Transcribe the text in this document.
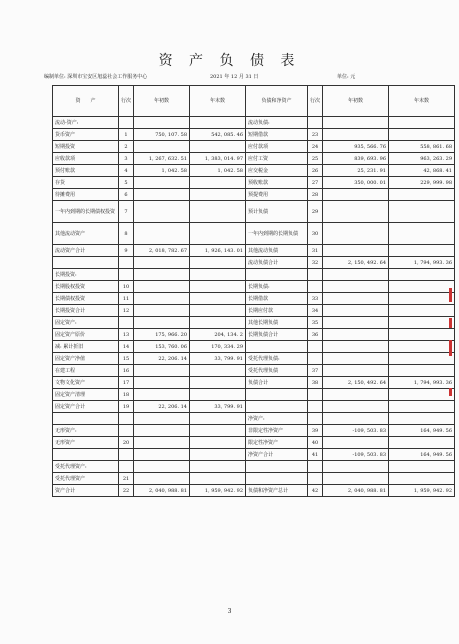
资 产 负 债 表
编制单位: 深圳市宝安区旭蕊社会工作服务中心	2021 年 12 月 31 日	单位: 元
资　　产	行次	年初数	年末数	负债和净资产	行次	年初数	年末数
流动-资产:				流动负债:			
货币资产	1	750, 107. 58	542, 085. 46	短期借款	23		
短期投资	2			应付款项	24	935, 566. 76	558, 861. 68
应收款项	3	1, 267, 632. 51	1, 383, 014. 97	应付工资	25	839, 693. 96	963, 263. 29
预付账款	4	1, 042. 58	1, 042. 58	应交税金	26	25, 231. 91	42, 868. 41
存货	5			预收账款	27	350, 000. 01	229, 999. 98
待摊费用	6			预提费用	28		
一年内到期的长期债权投资	7			预计负债	29		
其他流动资产	8			一年内到期的长期负债	30		
流动资产合计	9	2, 018, 782. 67	1, 926, 143. 01	其他流动负债	31		
				流动负债合计	32	2, 150, 492. 64	1, 794, 993. 36
长期投资:							
长期股权投资	10			长期负债:			
长期债权投资	11			长期借款	33		
长期投资合计	12			长期应付款	34		
固定资产:				其他长期负债	35		
固定资产原价	13	175, 966. 20	204, 134. 2	长期负债合计	36		
减: 累计折旧	14	153, 760. 06	170, 334. 29				
固定资产净值	15	22, 206. 14	33, 799. 91	受托代理负债:			
在建工程	16			受托代理负债	37		
文物文化资产	17			负债合计	38	2, 150, 492. 64	1, 794, 993. 36
固定资产清理	18						
固定资产合计	19	22, 206. 14	33, 799. 91				
				净资产:			
无形资产:				非限定性净资产	39	-109, 503. 83	164, 949. 56
无形资产	20			限定性净资产	40		
				净资产合计	41	-109, 503. 83	164, 949. 56
受托代理资产:							
受托代理资产	21						
资产合计	22	2, 040, 988. 81	1, 959, 942. 92	负债和净资产总计	42	2, 040, 988. 81	1, 959, 942. 92
3
